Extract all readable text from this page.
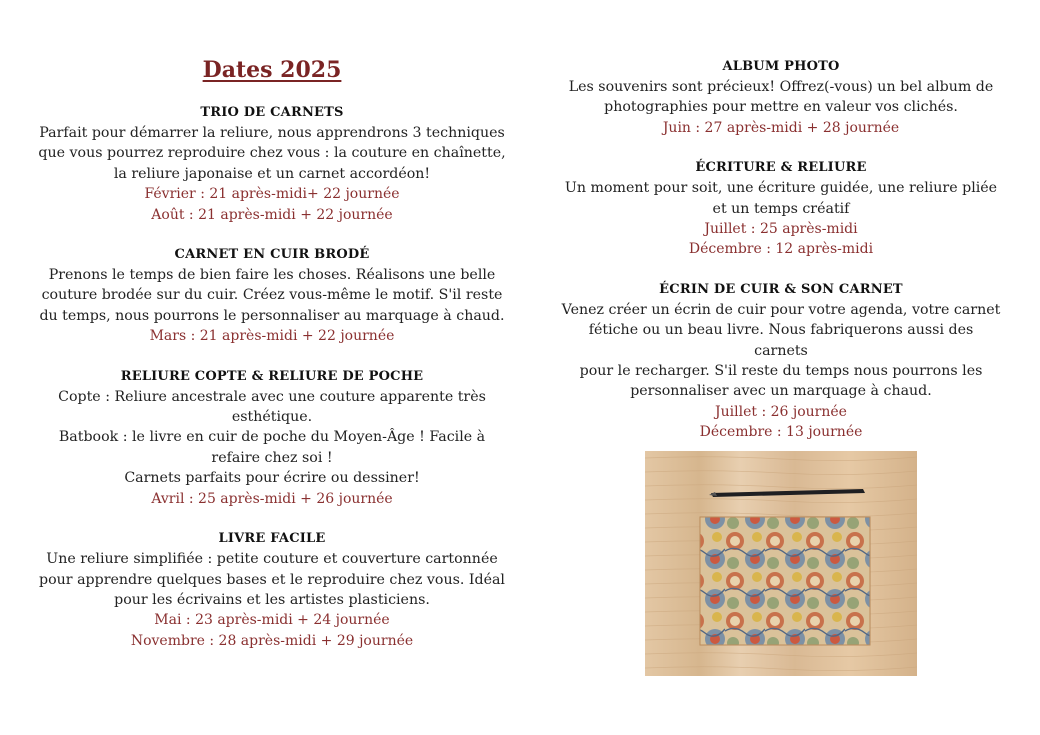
Dates 2025

TRIO DE CARNETS

Parfait pour démarrer la reliure, nous apprendrons 3 techniques

que vous pourrez reproduire chez vous : la couture en chaînette,

la reliure japonaise et un carnet accordéon!

Février : 21 après-midi+ 22 journée

Août : 21 après-midi + 22 journée

CARNET EN CUIR BRODÉ

Prenons le temps de bien faire les choses. Réalisons une belle

couture brodée sur du cuir. Créez vous-même le motif. S'il reste

du temps, nous pourrons le personnaliser au marquage à chaud.

Mars : 21 après-midi + 22 journée

RELIURE COPTE & RELIURE DE POCHE

Copte : Reliure ancestrale avec une couture apparente très

esthétique.

Batbook : le livre en cuir de poche du Moyen-Âge ! Facile à

refaire chez soi !

Carnets parfaits pour écrire ou dessiner!

Avril : 25 après-midi + 26 journée

LIVRE FACILE

Une reliure simplifiée : petite couture et couverture cartonnée

pour apprendre quelques bases et le reproduire chez vous. Idéal

pour les écrivains et les artistes plasticiens.

Mai : 23 après-midi + 24 journée

Novembre : 28 après-midi + 29 journée

ALBUM PHOTO

Les souvenirs sont précieux! Offrez(-vous) un bel album de

photographies pour mettre en valeur vos clichés.

Juin : 27 après-midi + 28 journée

ÉCRITURE & RELIURE

Un moment pour soit, une écriture guidée, une reliure pliée

et un temps créatif

Juillet : 25 après-midi

Décembre : 12 après-midi

ÉCRIN DE CUIR & SON CARNET

Venez créer un écrin de cuir pour votre agenda, votre carnet

fétiche ou un beau livre. Nous fabriquerons aussi des carnets

pour le recharger. S'il reste du temps nous pourrons les

personnaliser avec un marquage à chaud.

Juillet : 26 journée

Décembre : 13 journée
